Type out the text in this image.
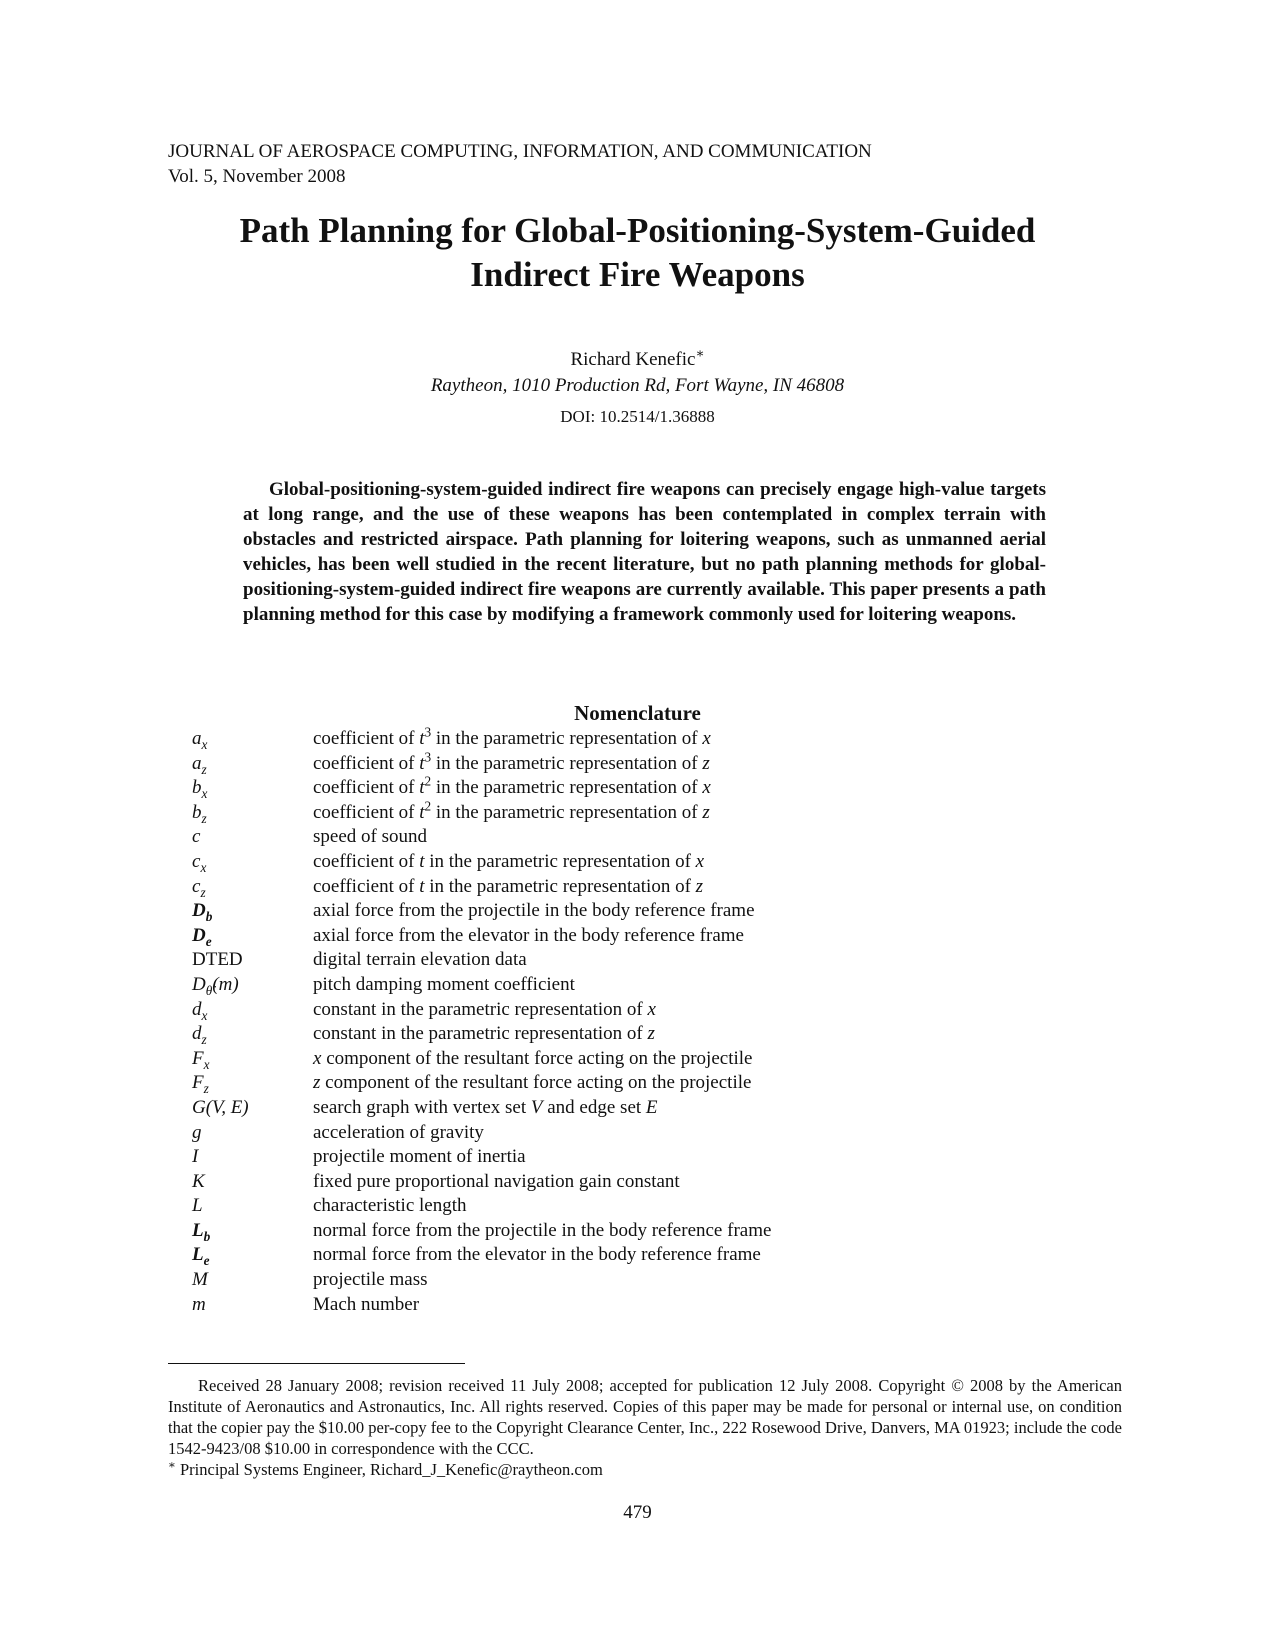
JOURNAL OF AEROSPACE COMPUTING, INFORMATION, AND COMMUNICATION
Vol. 5, November 2008
Path Planning for Global-Positioning-System-Guided
Indirect Fire Weapons
Richard Kenefic∗
Raytheon, 1010 Production Rd, Fort Wayne, IN 46808
DOI: 10.2514/1.36888
Global-positioning-system-guided indirect fire weapons can precisely engage high-value targets at long range, and the use of these weapons has been contemplated in complex terrain with obstacles and restricted airspace. Path planning for loitering weapons, such as unmanned aerial vehicles, has been well studied in the recent literature, but no path planning methods for global-positioning-system-guided indirect fire weapons are currently available. This paper presents a path planning method for this case by modifying a framework commonly used for loitering weapons.
Nomenclature
$a_x$	coefficient of $t^3$ in the parametric representation of x
$a_z$	coefficient of $t^3$ in the parametric representation of z
$b_x$	coefficient of $t^2$ in the parametric representation of x
$b_z$	coefficient of $t^2$ in the parametric representation of z
c	speed of sound
$c_x$	coefficient of t in the parametric representation of x
$c_z$	coefficient of t in the parametric representation of z
$D_b$	axial force from the projectile in the body reference frame
$D_e$	axial force from the elevator in the body reference frame
DTED	digital terrain elevation data
$D_{\thetȧ}(m)$	pitch damping moment coefficient
$d_x$	constant in the parametric representation of x
$d_z$	constant in the parametric representation of z
$F_x$	x component of the resultant force acting on the projectile
$F_z$	z component of the resultant force acting on the projectile
G(V, E)	search graph with vertex set V and edge set E
g	acceleration of gravity
I	projectile moment of inertia
K	fixed pure proportional navigation gain constant
L	characteristic length
$L_b$	normal force from the projectile in the body reference frame
$L_e$	normal force from the elevator in the body reference frame
M	projectile mass
m	Mach number

Received 28 January 2008; revision received 11 July 2008; accepted for publication 12 July 2008. Copyright © 2008 by the American Institute of Aeronautics and Astronautics, Inc. All rights reserved. Copies of this paper may be made for personal or internal use, on condition that the copier pay the $10.00 per-copy fee to the Copyright Clearance Center, Inc., 222 Rosewood Drive, Danvers, MA 01923; include the code 1542-9423/08 $10.00 in correspondence with the CCC.

∗ Principal Systems Engineer, Richard_J_Kenefic@raytheon.com

479
